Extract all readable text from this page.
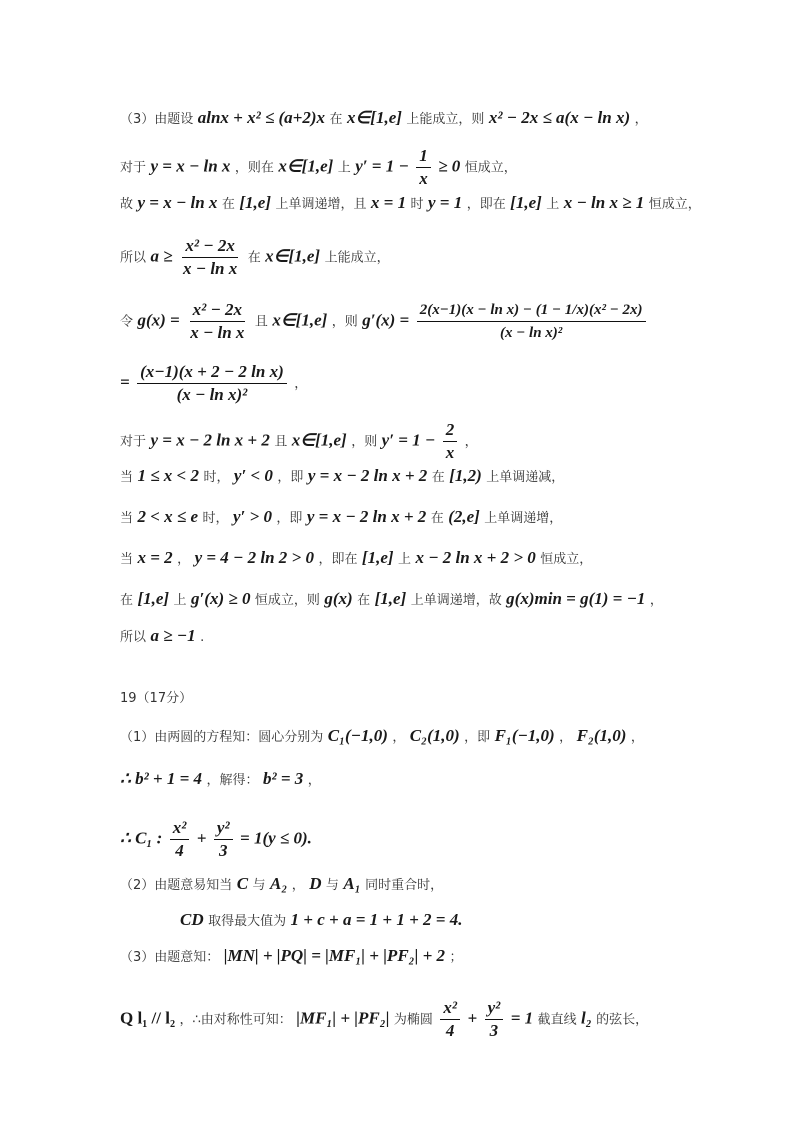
（3）由题设 alnx + x² ≤ (a+2)x 在 x∈[1,e] 上能成立，则 x² − 2x ≤ a(x − ln x) ，
对于 y = x − ln x ，则在 x∈[1,e] 上 $y' = 1 - \frac{1}{x} \ge 0$ 恒成立，
故 y = x − ln x 在 [1,e] 上单调递增，且 x = 1 时 y = 1 ，即在 [1,e] 上 x − ln x ≥ 1 恒成立，
所以 $a \ge \frac{\text{x² − 2x}}{\text{x − ln x}}$ 在 x∈[1,e] 上能成立，
令 $g(x) = \frac{\text{x² − 2x}}{\text{x − ln x}}$ 且 x∈[1,e] ，则 $g'(x) = \frac{\text{2(x−1)(x − ln x) − (1 − 1/x)(x² − 2x)}}{\text{(x − ln x)²}}$
= $\frac{\text{(x−1)(x + 2 − 2 ln x)}}{\text{(x − ln x)²}}$ ，
对于 y = x − 2 ln x + 2 且 x∈[1,e] ，则 $y' = 1 - \frac{2}{x}$ ，
当 1 ≤ x < 2 时， y′ < 0 ，即 y = x − 2 ln x + 2 在 [1,2) 上单调递减，
当 2 < x ≤ e 时， y′ > 0 ，即 y = x − 2 ln x + 2 在 (2,e] 上单调递增，
当 x = 2 ， y = 4 − 2 ln 2 > 0 ，即在 [1,e] 上 x − 2 ln x + 2 > 0 恒成立，
在 [1,e] 上 g′(x) ≥ 0 恒成立，则 g(x) 在 [1,e] 上单调递增，故 g(x)min = g(1) = −1 ，
所以 a ≥ −1 .
19（17分）
（1）由两圆的方程知：圆心分别为 C₁(−1,0) ， C₂(1,0) ，即 F₁(−1,0) ， F₂(1,0) ，
∴ b² + 1 = 4 ，解得： b² = 3 ，
∴ C₁ : $\frac{\text{x²}}{4} + \frac{\text{y²}}{3} = 1(y \le 0)$.
（2）由题意易知当 C 与 A₂ ， D 与 A₁ 同时重合时，
CD 取得最大值为 1 + c + a = 1 + 1 + 2 = 4.
（3）由题意知： |MN| + |PQ| = |MF₁| + |PF₂| + 2 ；
Q l₁ // l₂ ，∴由对称性可知： |MF₁| + |PF₂| 为椭圆 $\frac{\text{x²}}{4} + \frac{\text{y²}}{3} = 1$ 截直线 l₂ 的弦长，
